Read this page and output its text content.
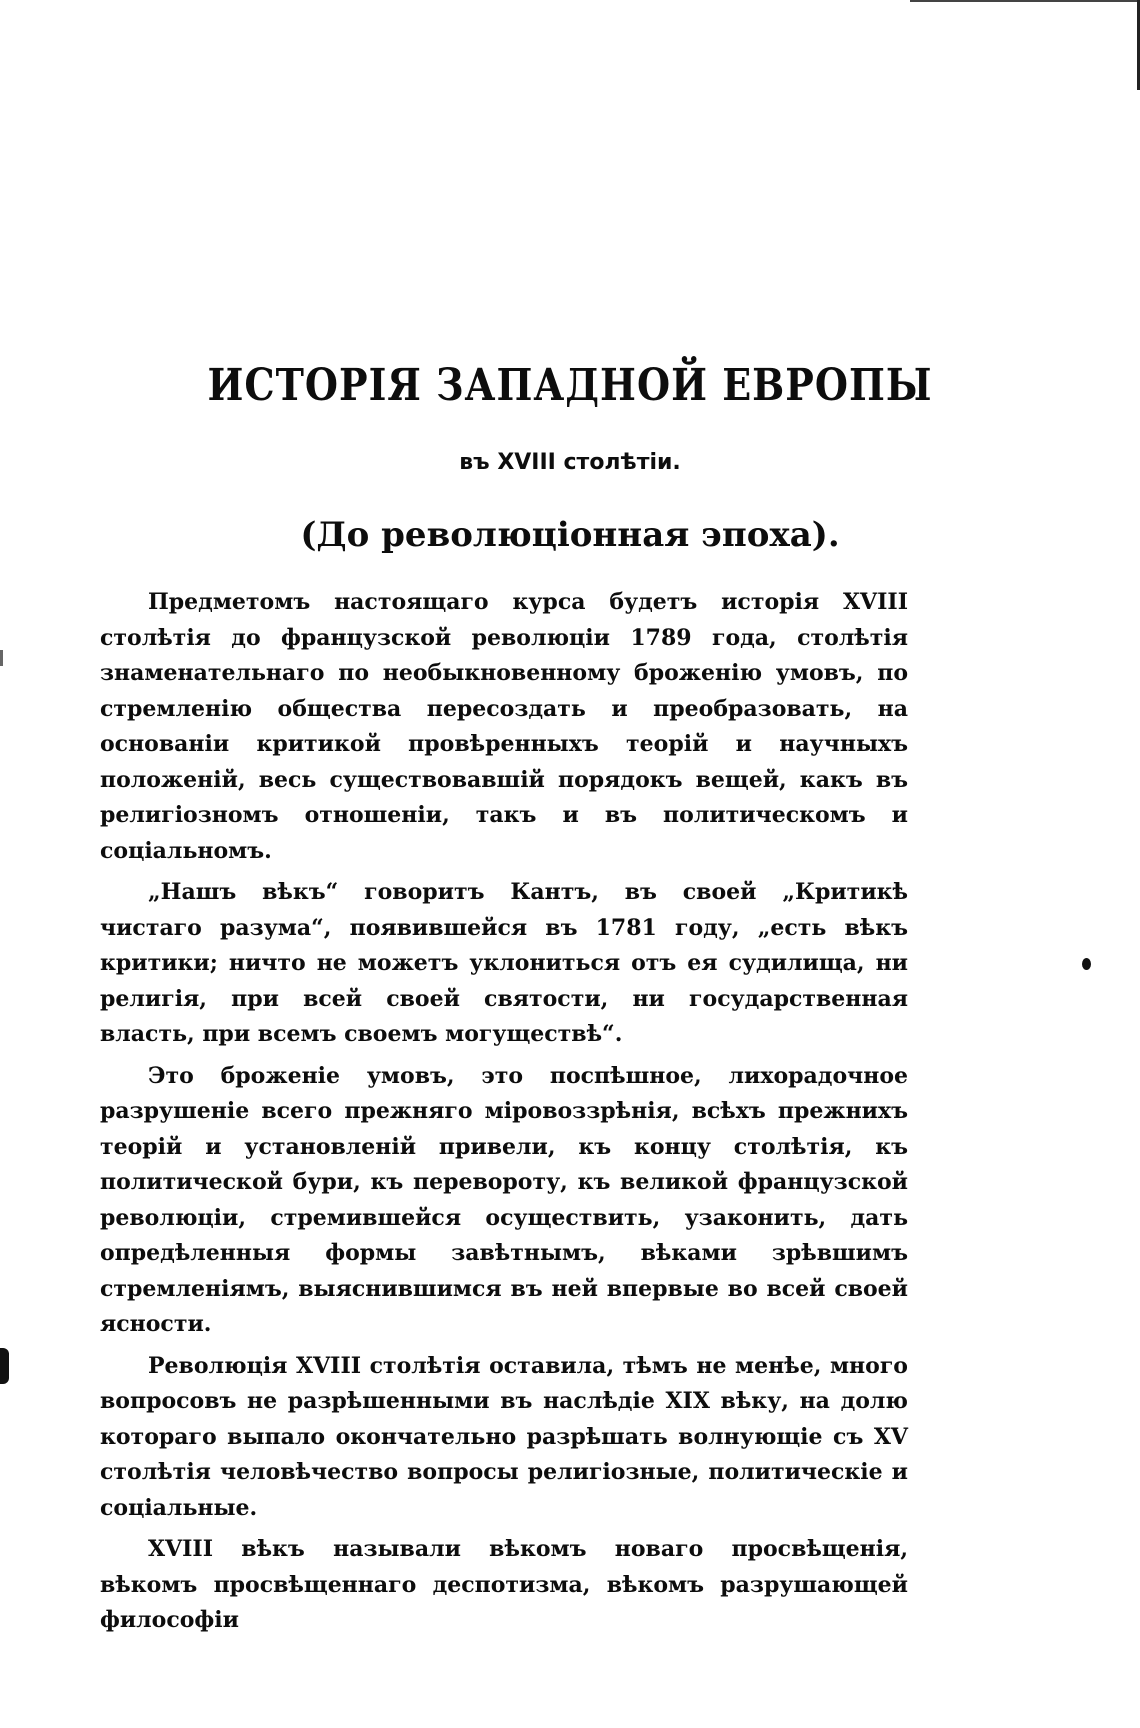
ИСТОРІЯ ЗАПАДНОЙ ЕВРОПЫ
въ XVIII столѣтіи.
(До революціонная эпоха).

Предметомъ настоящаго курса будетъ исторія XVIII столѣтія до французской революціи 1789 года, столѣтія знаменательнаго по необыкновенному броженію умовъ, по стремленію общества пересоздать и преобразовать, на основаніи критикой провѣренныхъ теорій и научныхъ положеній, весь существовавшій порядокъ вещей, какъ въ религіозномъ отношеніи, такъ и въ политическомъ и соціальномъ.

„Нашъ вѣкъ“ говоритъ Кантъ, въ своей „Критикѣ чистаго разума“, появившейся въ 1781 году, „есть вѣкъ критики; ничто не можетъ уклониться отъ ея судилища, ни религія, при всей своей святости, ни государственная власть, при всемъ своемъ могуществѣ“.

Это броженіе умовъ, это поспѣшное, лихорадочное разрушеніе всего прежняго міровоззрѣнія, всѣхъ прежнихъ теорій и установленій привели, къ концу столѣтія, къ политической бури, къ перевороту, къ великой французской революціи, стремившейся осуществить, узаконить, дать опредѣленныя формы завѣтнымъ, вѣками зрѣвшимъ стремленіямъ, выяснившимся въ ней впервые во всей своей ясности.

Революція XVIII столѣтія оставила, тѣмъ не менѣе, много вопросовъ не разрѣшенными въ наслѣдіе XIX вѣку, на долю котораго выпало окончательно разрѣшать волнующіе съ XV столѣтія человѣчество вопросы религіозные, политическіе и соціальные.

XVIII вѣкъ называли вѣкомъ новаго просвѣщенія, вѣкомъ просвѣщеннаго деспотизма, вѣкомъ разрушающей философіи
